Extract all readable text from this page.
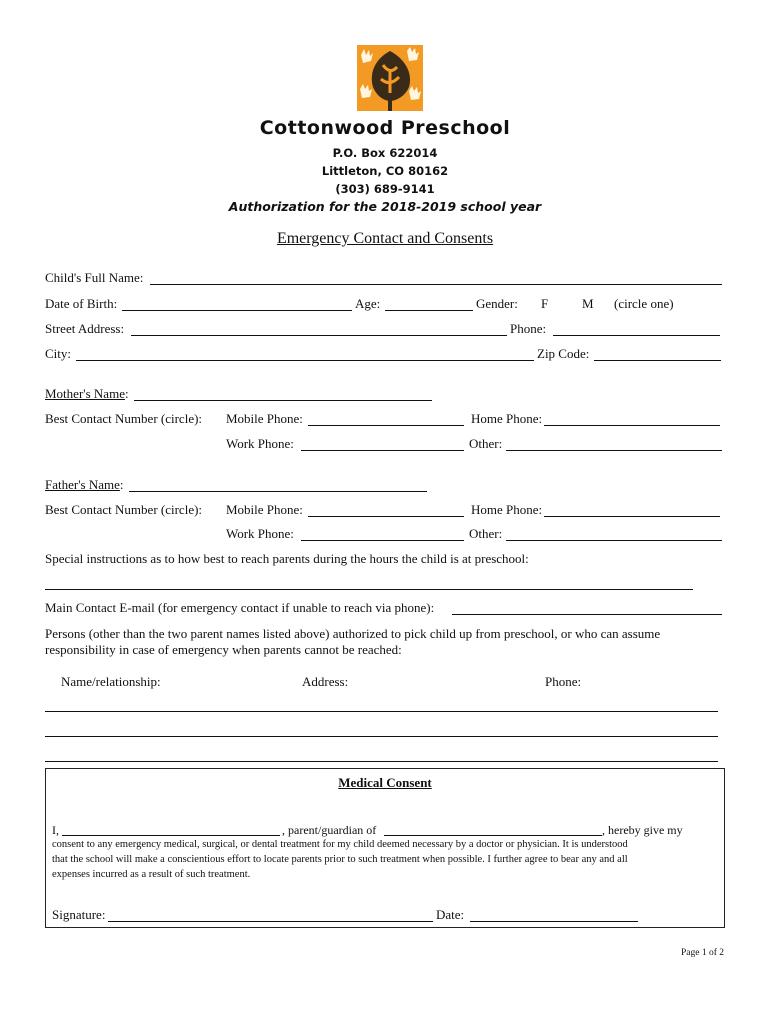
Cottonwood Preschool
P.O. Box 622014
Littleton, CO 80162
(303) 689-9141
Authorization for the 2018-2019 school year
Emergency Contact and Consents
Child's Full Name:
Date of Birth:	Age:	Gender: F	M (circle one)
Street Address:	Phone:
City:	Zip Code:
Mother's Name:
Best Contact Number (circle): Mobile Phone:	Home Phone:
Work Phone:	Other:
Father's Name:
Best Contact Number (circle): Mobile Phone:	Home Phone:
Work Phone:	Other:
Special instructions as to how best to reach parents during the hours the child is at preschool:
Main Contact E-mail (for emergency contact if unable to reach via phone):
Persons (other than the two parent names listed above) authorized to pick child up from preschool, or who can assume
responsibility in case of emergency when parents cannot be reached:
Name/relationship:	Address:	Phone:
Medical Consent
I,	, parent/guardian of	, hereby give my

consent to any emergency medical, surgical, or dental treatment for my child deemed necessary by a doctor or physician. It is understood

that the school will make a conscientious effort to locate parents prior to such treatment when possible. I further agree to bear any and all

expenses incurred as a result of such treatment.

Signature:	Date:
Page 1 of 2
